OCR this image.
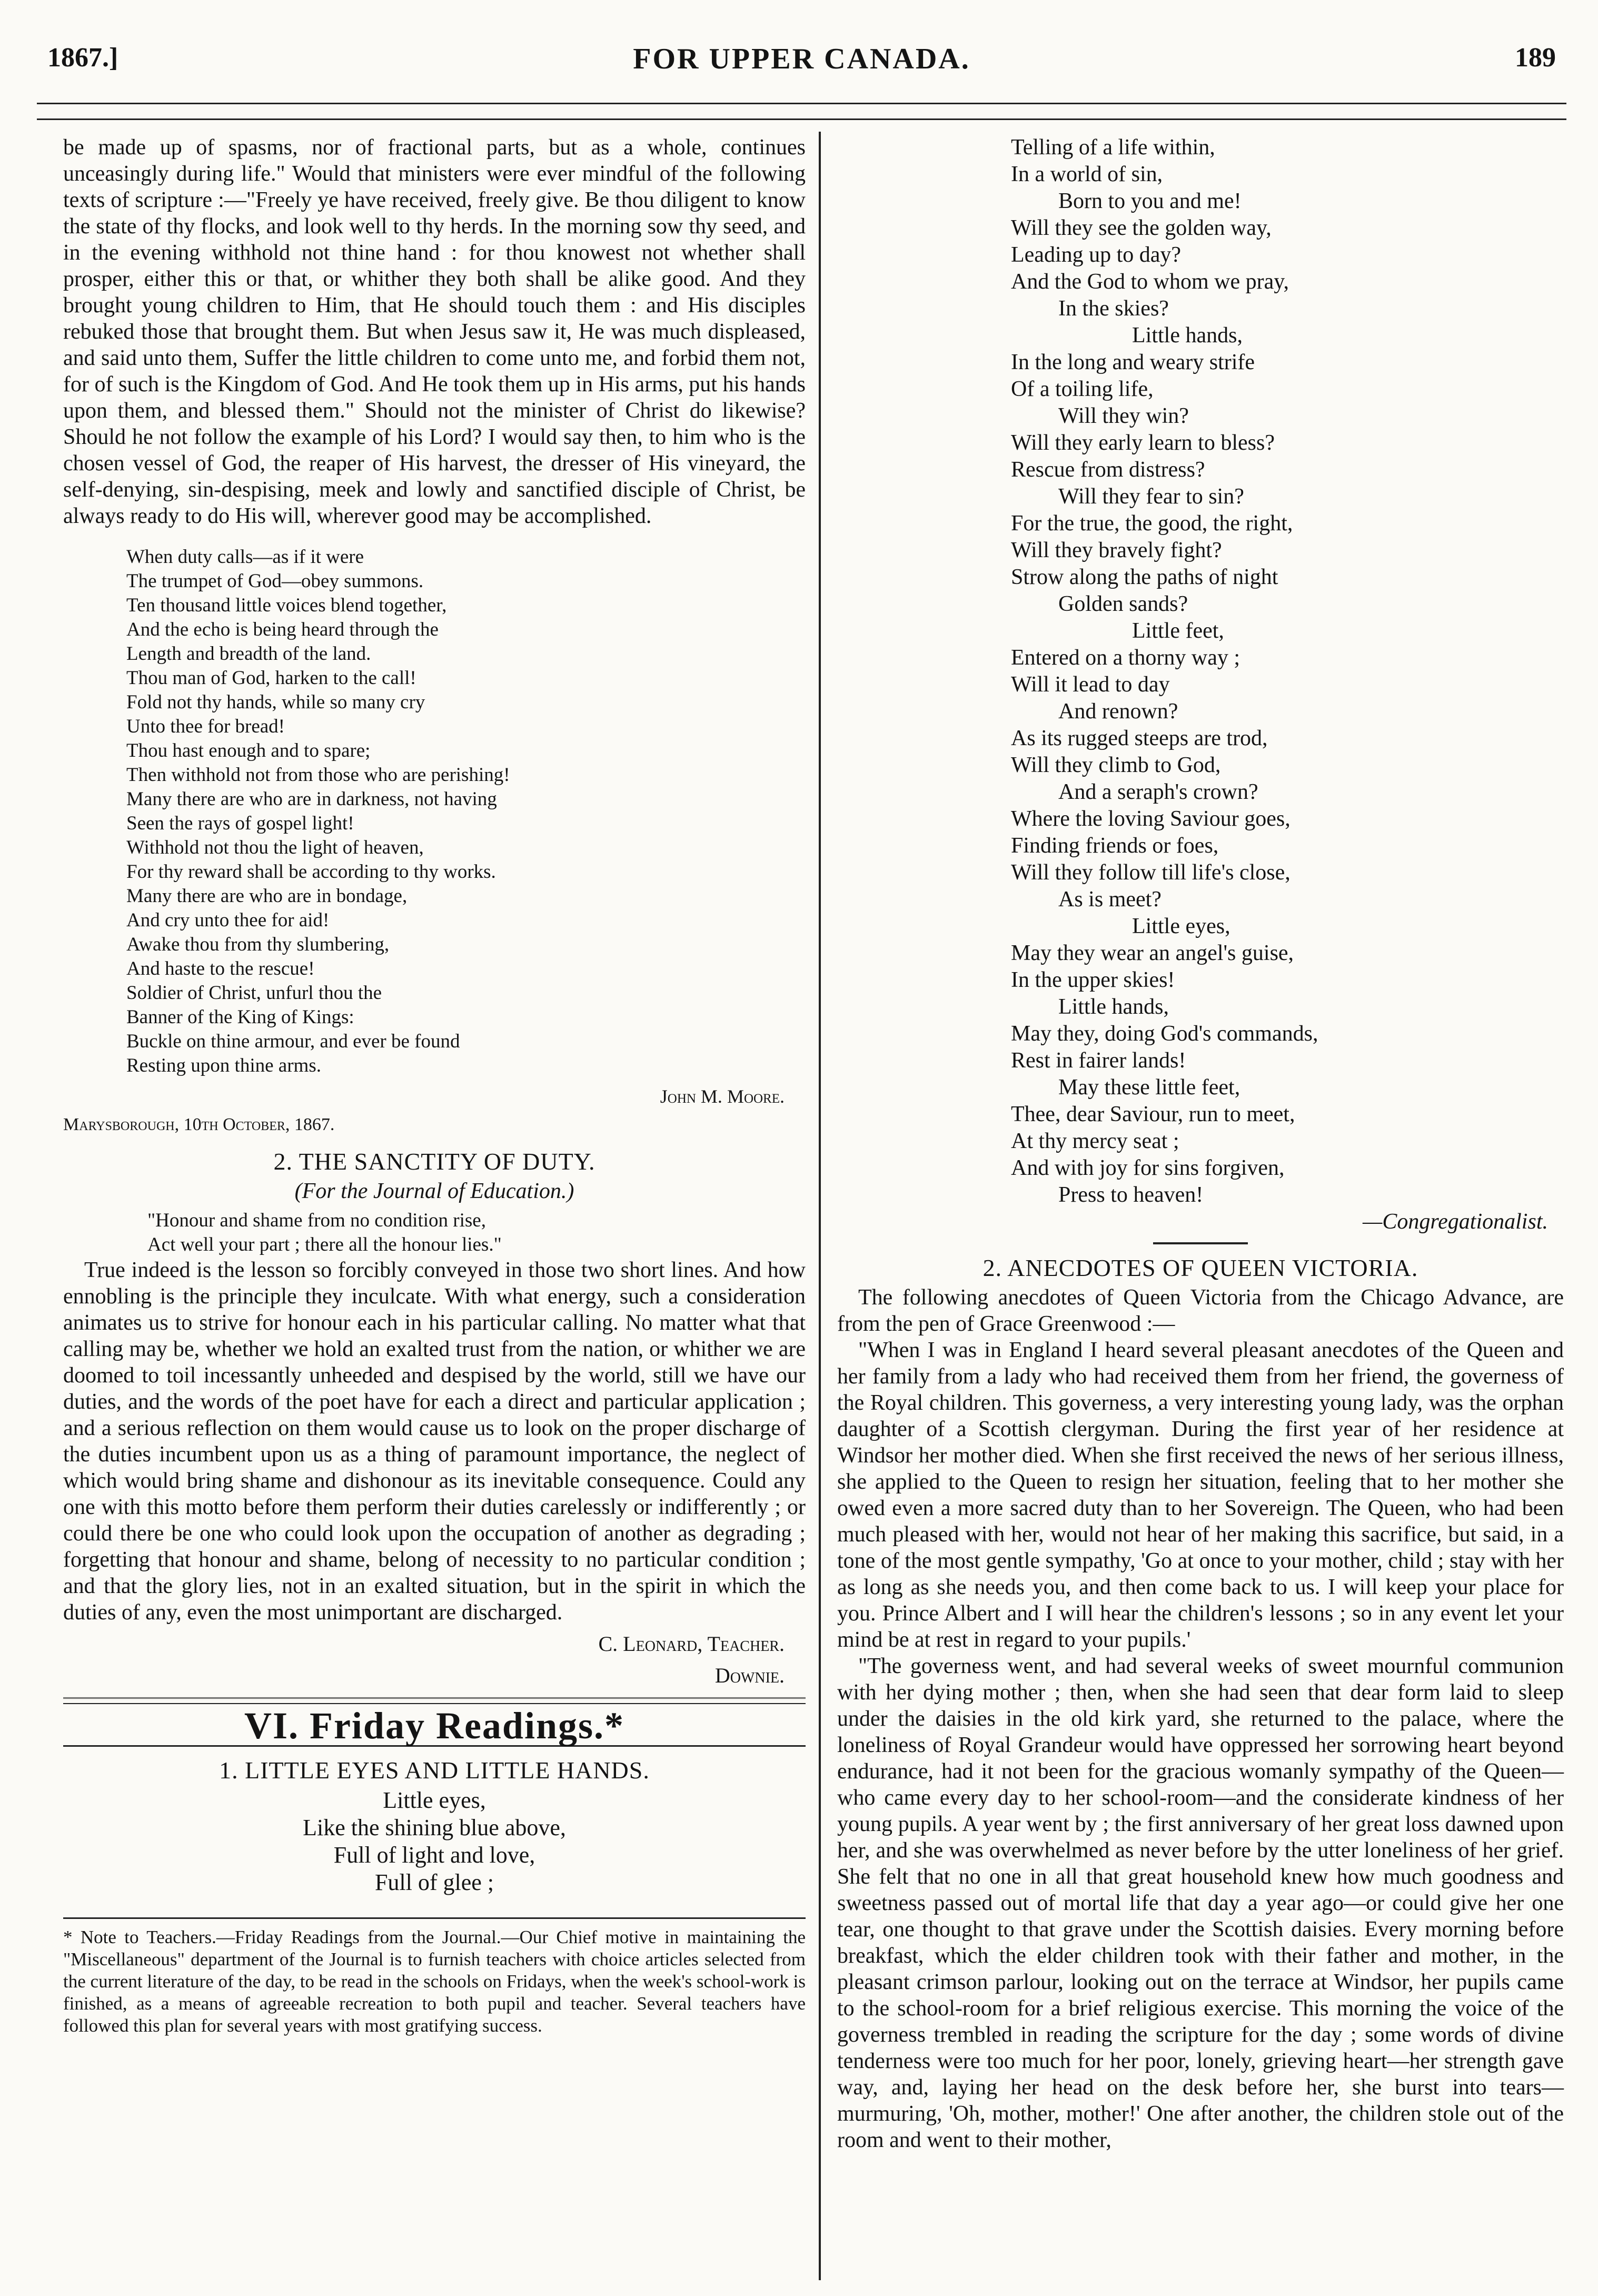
1867.]	FOR UPPER CANADA.	189

be made up of spasms, nor of fractional parts, but as a whole, continues unceasingly during life." Would that ministers were ever mindful of the following texts of scripture :—"Freely ye have received, freely give. Be thou diligent to know the state of thy flocks, and look well to thy herds. In the morning sow thy seed, and in the evening withhold not thine hand : for thou knowest not whether shall prosper, either this or that, or whither they both shall be alike good. And they brought young children to Him, that He should touch them : and His disciples rebuked those that brought them. But when Jesus saw it, He was much displeased, and said unto them, Suffer the little children to come unto me, and forbid them not, for of such is the Kingdom of God. And He took them up in His arms, put his hands upon them, and blessed them." Should not the minister of Christ do likewise? Should he not follow the example of his Lord? I would say then, to him who is the chosen vessel of God, the reaper of His harvest, the dresser of His vineyard, the self-denying, sin-despising, meek and lowly and sanctified disciple of Christ, be always ready to do His will, wherever good may be accomplished.

When duty calls—as if it were
The trumpet of God—obey summons.
Ten thousand little voices blend together,
And the echo is being heard through the
Length and breadth of the land.
Thou man of God, harken to the call!
Fold not thy hands, while so many cry
Unto thee for bread!
Thou hast enough and to spare;
Then withhold not from those who are perishing!
Many there are who are in darkness, not having
Seen the rays of gospel light!
Withhold not thou the light of heaven,
For thy reward shall be according to thy works.
Many there are who are in bondage,
And cry unto thee for aid!
Awake thou from thy slumbering,
And haste to the rescue!
Soldier of Christ, unfurl thou the
Banner of the King of Kings:
Buckle on thine armour, and ever be found
Resting upon thine arms.
John M. Moore.
Marysborough, 10th October, 1867.
2. THE SANCTITY OF DUTY.
(For the Journal of Education.)
"Honour and shame from no condition rise,
Act well your part ; there all the honour lies."

True indeed is the lesson so forcibly conveyed in those two short lines. And how ennobling is the principle they inculcate. With what energy, such a consideration animates us to strive for honour each in his particular calling. No matter what that calling may be, whether we hold an exalted trust from the nation, or whither we are doomed to toil incessantly unheeded and despised by the world, still we have our duties, and the words of the poet have for each a direct and particular application ; and a serious reflection on them would cause us to look on the proper discharge of the duties incumbent upon us as a thing of paramount importance, the neglect of which would bring shame and dishonour as its inevitable consequence. Could any one with this motto before them perform their duties carelessly or indifferently ; or could there be one who could look upon the occupation of another as degrading ; forgetting that honour and shame, belong of necessity to no particular condition ; and that the glory lies, not in an exalted situation, but in the spirit in which the duties of any, even the most unimportant are discharged.

C. Leonard, Teacher.
Downie.
VI. Friday Readings.*
1. LITTLE EYES AND LITTLE HANDS.
Little eyes,
Like the shining blue above,
Full of light and love,
Full of glee ;
* Note to Teachers.—Friday Readings from the Journal.—Our Chief motive in maintaining the "Miscellaneous" department of the Journal is to furnish teachers with choice articles selected from the current literature of the day, to be read in the schools on Fridays, when the week's school-work is finished, as a means of agreeable recreation to both pupil and teacher. Several teachers have followed this plan for several years with most gratifying success.
Telling of a life within,
In a world of sin,
Born to you and me!
Will they see the golden way,
Leading up to day?
And the God to whom we pray,
In the skies?
Little hands,
In the long and weary strife
Of a toiling life,
Will they win?
Will they early learn to bless?
Rescue from distress?
Will they fear to sin?
For the true, the good, the right,
Will they bravely fight?
Strow along the paths of night
Golden sands?
Little feet,
Entered on a thorny way ;
Will it lead to day
And renown?
As its rugged steeps are trod,
Will they climb to God,
And a seraph's crown?
Where the loving Saviour goes,
Finding friends or foes,
Will they follow till life's close,
As is meet?
Little eyes,
May they wear an angel's guise,
In the upper skies!
Little hands,
May they, doing God's commands,
Rest in fairer lands!
May these little feet,
Thee, dear Saviour, run to meet,
At thy mercy seat ;
And with joy for sins forgiven,
Press to heaven!
—Congregationalist.
2. ANECDOTES OF QUEEN VICTORIA.

The following anecdotes of Queen Victoria from the Chicago Advance, are from the pen of Grace Greenwood :—

"When I was in England I heard several pleasant anecdotes of the Queen and her family from a lady who had received them from her friend, the governess of the Royal children. This governess, a very interesting young lady, was the orphan daughter of a Scottish clergyman. During the first year of her residence at Windsor her mother died. When she first received the news of her serious illness, she applied to the Queen to resign her situation, feeling that to her mother she owed even a more sacred duty than to her Sovereign. The Queen, who had been much pleased with her, would not hear of her making this sacrifice, but said, in a tone of the most gentle sympathy, 'Go at once to your mother, child ; stay with her as long as she needs you, and then come back to us. I will keep your place for you. Prince Albert and I will hear the children's lessons ; so in any event let your mind be at rest in regard to your pupils.'

"The governess went, and had several weeks of sweet mournful communion with her dying mother ; then, when she had seen that dear form laid to sleep under the daisies in the old kirk yard, she returned to the palace, where the loneliness of Royal Grandeur would have oppressed her sorrowing heart beyond endurance, had it not been for the gracious womanly sympathy of the Queen—who came every day to her school-room—and the considerate kindness of her young pupils. A year went by ; the first anniversary of her great loss dawned upon her, and she was overwhelmed as never before by the utter loneliness of her grief. She felt that no one in all that great household knew how much goodness and sweetness passed out of mortal life that day a year ago—or could give her one tear, one thought to that grave under the Scottish daisies. Every morning before breakfast, which the elder children took with their father and mother, in the pleasant crimson parlour, looking out on the terrace at Windsor, her pupils came to the school-room for a brief religious exercise. This morning the voice of the governess trembled in reading the scripture for the day ; some words of divine tenderness were too much for her poor, lonely, grieving heart—her strength gave way, and, laying her head on the desk before her, she burst into tears—murmuring, 'Oh, mother, mother!' One after another, the children stole out of the room and went to their mother,
